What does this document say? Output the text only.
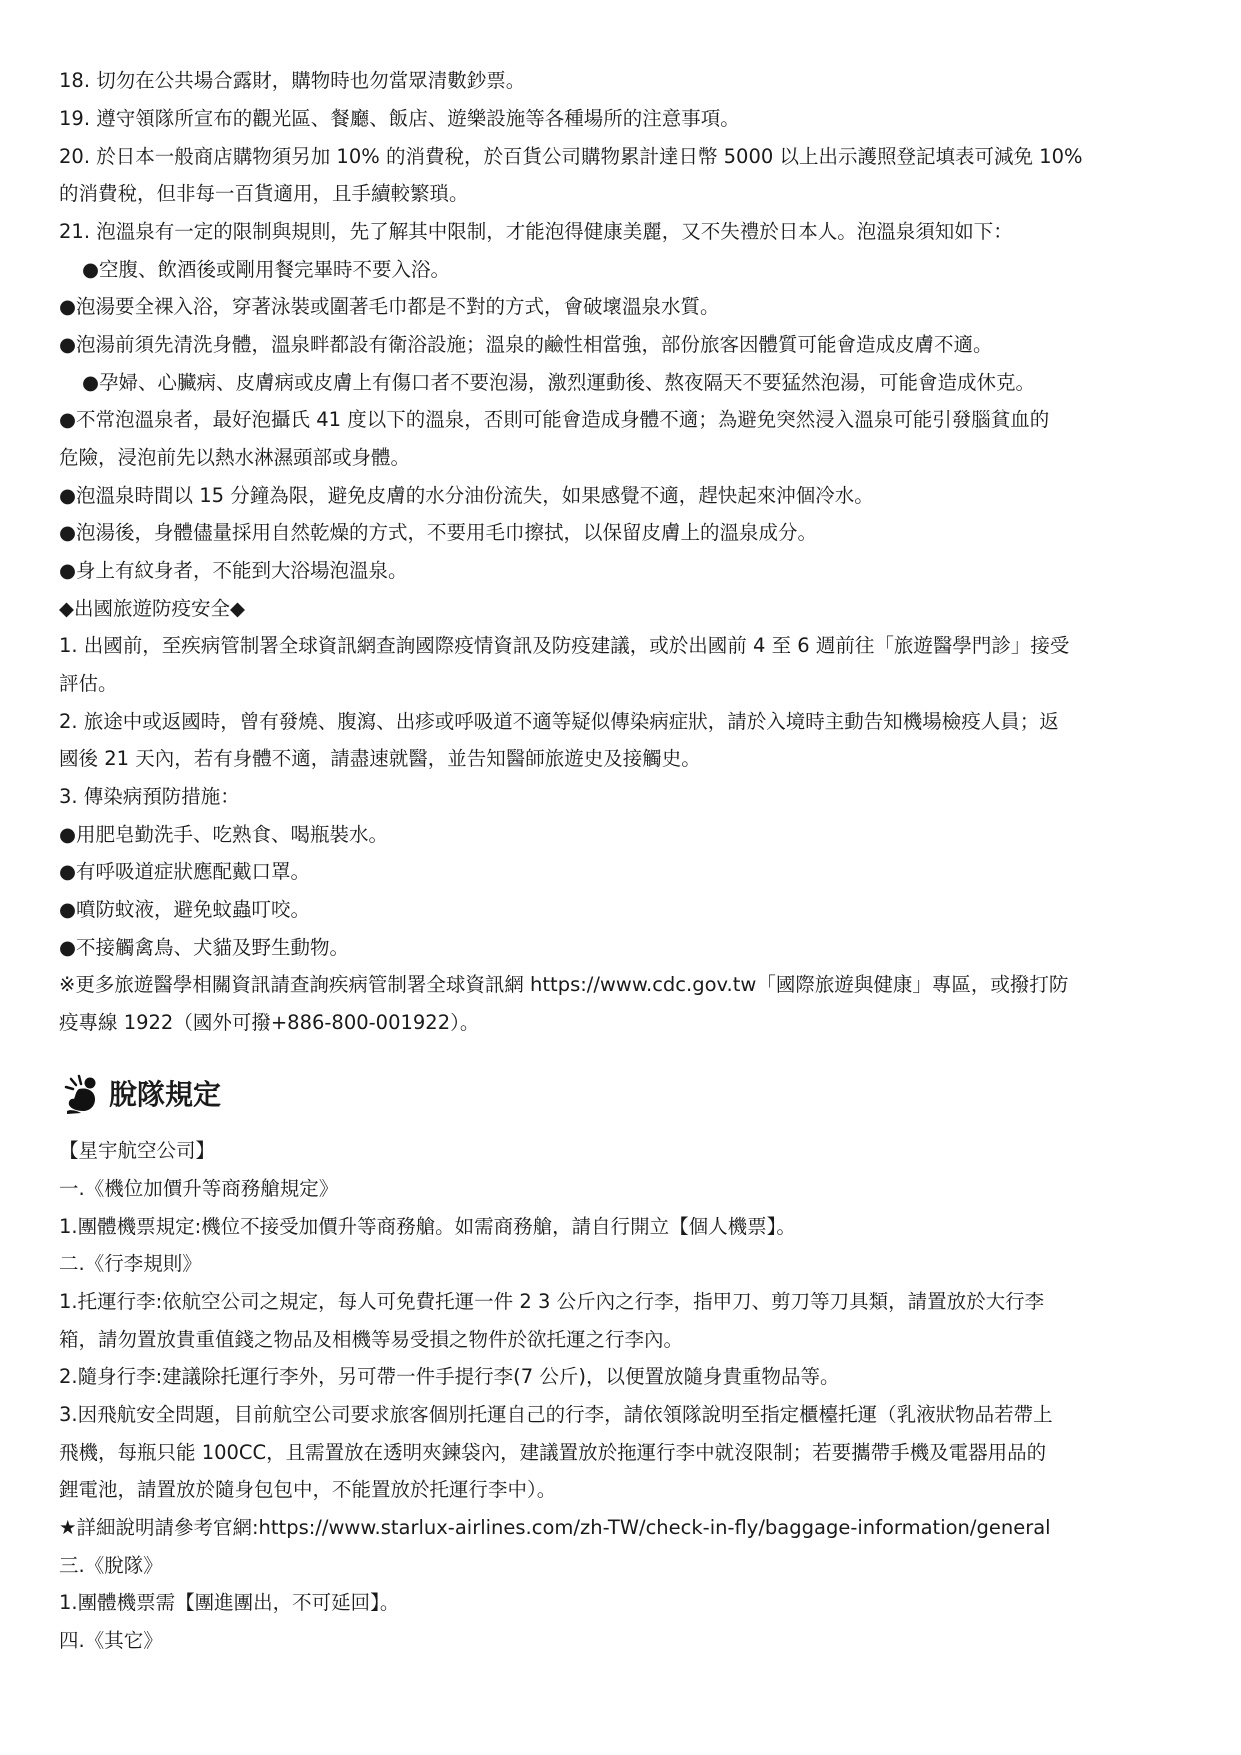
18. 切勿在公共場合露財，購物時也勿當眾清數鈔票。
19. 遵守領隊所宣布的觀光區、餐廳、飯店、遊樂設施等各種場所的注意事項。
20. 於日本一般商店購物須另加 10% 的消費稅，於百貨公司購物累計達日幣 5000 以上出示護照登記填表可減免 10%
的消費稅，但非每一百貨適用，且手續較繁瑣。
21. 泡溫泉有一定的限制與規則，先了解其中限制，才能泡得健康美麗，又不失禮於日本人。泡溫泉須知如下：
●空腹、飲酒後或剛用餐完畢時不要入浴。
●泡湯要全裸入浴，穿著泳裝或圍著毛巾都是不對的方式，會破壞溫泉水質。
●泡湯前須先清洗身體，溫泉畔都設有衛浴設施；溫泉的鹼性相當強，部份旅客因體質可能會造成皮膚不適。
●孕婦、心臟病、皮膚病或皮膚上有傷口者不要泡湯，激烈運動後、熬夜隔天不要猛然泡湯，可能會造成休克。
●不常泡溫泉者，最好泡攝氏 41 度以下的溫泉，否則可能會造成身體不適；為避免突然浸入溫泉可能引發腦貧血的
危險，浸泡前先以熱水淋濕頭部或身體。
●泡溫泉時間以 15 分鐘為限，避免皮膚的水分油份流失，如果感覺不適，趕快起來沖個冷水。
●泡湯後，身體儘量採用自然乾燥的方式，不要用毛巾擦拭，以保留皮膚上的溫泉成分。
●身上有紋身者，不能到大浴場泡溫泉。
◆出國旅遊防疫安全◆
1. 出國前，至疾病管制署全球資訊網查詢國際疫情資訊及防疫建議，或於出國前 4 至 6 週前往「旅遊醫學門診」接受
評估。
2. 旅途中或返國時，曾有發燒、腹瀉、出疹或呼吸道不適等疑似傳染病症狀，請於入境時主動告知機場檢疫人員；返
國後 21 天內，若有身體不適，請盡速就醫，並告知醫師旅遊史及接觸史。
3. 傳染病預防措施：
●用肥皂勤洗手、吃熟食、喝瓶裝水。
●有呼吸道症狀應配戴口罩。
●噴防蚊液，避免蚊蟲叮咬。
●不接觸禽鳥、犬貓及野生動物。
※更多旅遊醫學相關資訊請查詢疾病管制署全球資訊網 https://www.cdc.gov.tw「國際旅遊與健康」專區，或撥打防
疫專線 1922（國外可撥+886-800-001922）。
脫隊規定
【星宇航空公司】
一.《機位加價升等商務艙規定》
1.團體機票規定:機位不接受加價升等商務艙。如需商務艙，請自行開立【個人機票】。
二.《行李規則》
1.托運行李:依航空公司之規定，每人可免費托運一件 2 3 公斤內之行李，指甲刀、剪刀等刀具類，請置放於大行李
箱，請勿置放貴重值錢之物品及相機等易受損之物件於欲托運之行李內。
2.隨身行李:建議除托運行李外，另可帶一件手提行李(7 公斤)，以便置放隨身貴重物品等。
3.因飛航安全問題，目前航空公司要求旅客個別托運自己的行李，請依領隊說明至指定櫃檯托運（乳液狀物品若帶上
飛機，每瓶只能 100CC，且需置放在透明夾鍊袋內，建議置放於拖運行李中就沒限制；若要攜帶手機及電器用品的
鋰電池，請置放於隨身包包中，不能置放於托運行李中）。
★詳細說明請參考官網:https://www.starlux-airlines.com/zh-TW/check-in-fly/baggage-information/general
三.《脫隊》
1.團體機票需【團進團出，不可延回】。
四.《其它》
